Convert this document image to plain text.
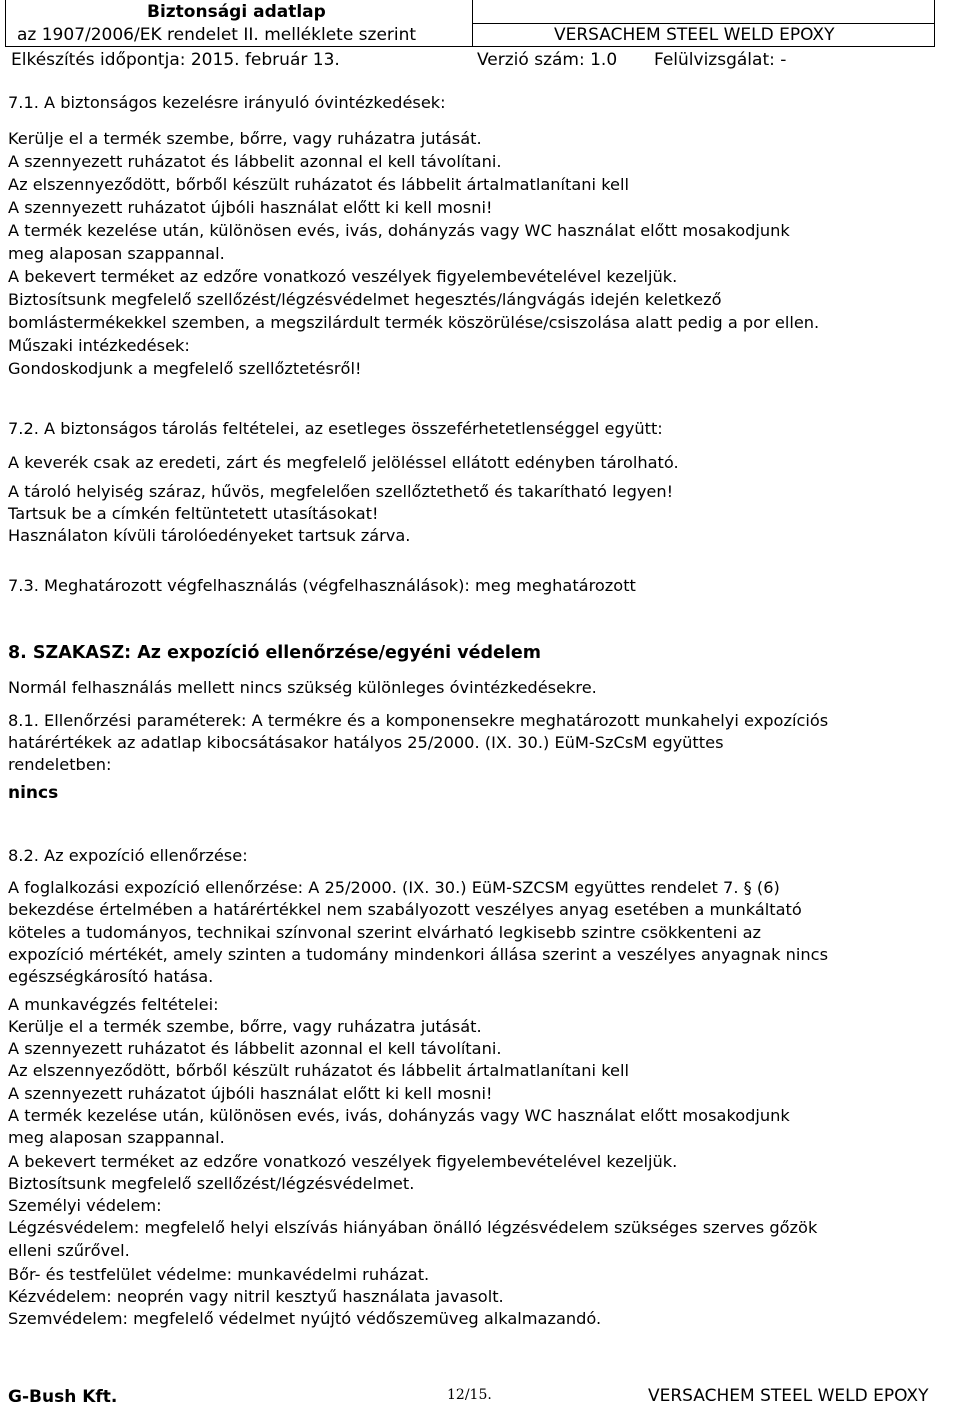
Biztonsági adatlap
az 1907/2006/EK rendelet II. melléklete szerint	VERSACHEM STEEL WELD EPOXY
Elkészítés időpontja: 2015. február 13.	Verzió szám: 1.0 Felülvizsgálat: -
7.1. A biztonságos kezelésre irányuló óvintézkedések:
Kerülje el a termék szembe, bőrre, vagy ruházatra jutását.
A szennyezett ruházatot és lábbelit azonnal el kell távolítani.
Az elszennyeződött, bőrből készült ruházatot és lábbelit ártalmatlanítani kell
A szennyezett ruházatot újbóli használat előtt ki kell mosni!
A termék kezelése után, különösen evés, ivás, dohányzás vagy WC használat előtt mosakodjunk
meg alaposan szappannal.
A bekevert terméket az edzőre vonatkozó veszélyek figyelembevételével kezeljük.
Biztosítsunk megfelelő szellőzést/légzésvédelmet hegesztés/lángvágás idején keletkező
bomlástermékekkel szemben, a megszilárdult termék köszörülése/csiszolása alatt pedig a por ellen.
Műszaki intézkedések:
Gondoskodjunk a megfelelő szellőztetésről!
7.2. A biztonságos tárolás feltételei, az esetleges összeférhetetlenséggel együtt:
A keverék csak az eredeti, zárt és megfelelő jelöléssel ellátott edényben tárolható.
A tároló helyiség száraz, hűvös, megfelelően szellőztethető és takarítható legyen!
Tartsuk be a címkén feltüntetett utasításokat!
Használaton kívüli tárolóedényeket tartsuk zárva.
7.3. Meghatározott végfelhasználás (végfelhasználások): meg meghatározott
8. SZAKASZ: Az expozíció ellenőrzése/egyéni védelem
Normál felhasználás mellett nincs szükség különleges óvintézkedésekre.
8.1. Ellenőrzési paraméterek: A termékre és a komponensekre meghatározott munkahelyi expozíciós
határértékek az adatlap kibocsátásakor hatályos 25/2000. (IX. 30.) EüM-SzCsM együttes
rendeletben:
nincs
8.2. Az expozíció ellenőrzése:
A foglalkozási expozíció ellenőrzése: A 25/2000. (IX. 30.) EüM-SZCSM együttes rendelet 7. § (6)
bekezdése értelmében a határértékkel nem szabályozott veszélyes anyag esetében a munkáltató
köteles a tudományos, technikai színvonal szerint elvárható legkisebb szintre csökkenteni az
expozíció mértékét, amely szinten a tudomány mindenkori állása szerint a veszélyes anyagnak nincs
egészségkárosító hatása.
A munkavégzés feltételei:
Kerülje el a termék szembe, bőrre, vagy ruházatra jutását.
A szennyezett ruházatot és lábbelit azonnal el kell távolítani.
Az elszennyeződött, bőrből készült ruházatot és lábbelit ártalmatlanítani kell
A szennyezett ruházatot újbóli használat előtt ki kell mosni!
A termék kezelése után, különösen evés, ivás, dohányzás vagy WC használat előtt mosakodjunk
meg alaposan szappannal.
A bekevert terméket az edzőre vonatkozó veszélyek figyelembevételével kezeljük.
Biztosítsunk megfelelő szellőzést/légzésvédelmet.
Személyi védelem:
Légzésvédelem: megfelelő helyi elszívás hiányában önálló légzésvédelem szükséges szerves gőzök
elleni szűrővel.
Bőr- és testfelület védelme: munkavédelmi ruházat.
Kézvédelem: neoprén vagy nitril kesztyű használata javasolt.
Szemvédelem: megfelelő védelmet nyújtó védőszemüveg alkalmazandó.
G-Bush Kft.	12/15.	VERSACHEM STEEL WELD EPOXY
